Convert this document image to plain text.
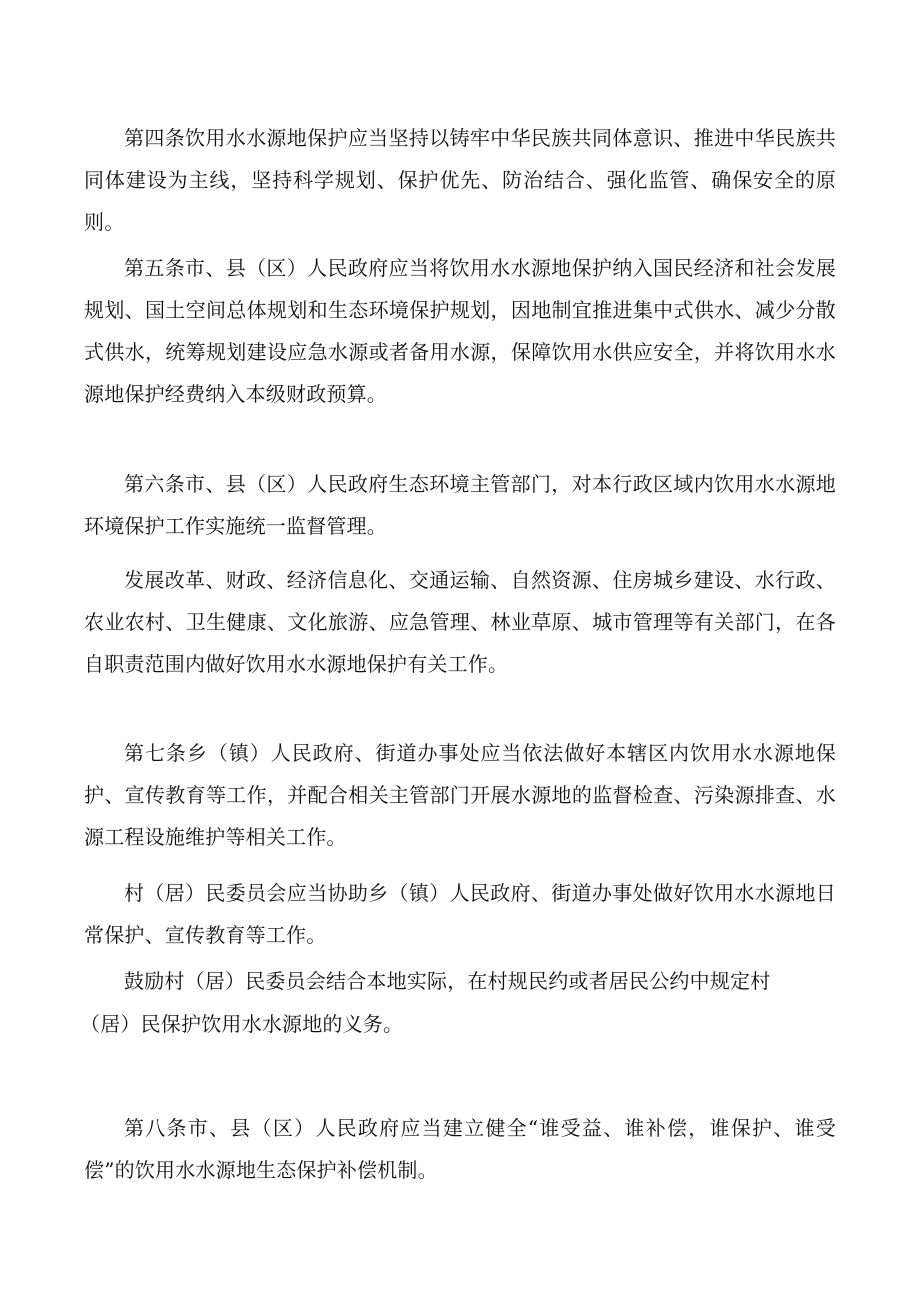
第四条饮用水水源地保护应当坚持以铸牢中华民族共同体意识、推进中华民族共同体建设为主线，坚持科学规划、保护优先、防治结合、强化监管、确保安全的原则。

第五条市、县（区）人民政府应当将饮用水水源地保护纳入国民经济和社会发展规划、国土空间总体规划和生态环境保护规划，因地制宜推进集中式供水、减少分散式供水，统筹规划建设应急水源或者备用水源，保障饮用水供应安全，并将饮用水水源地保护经费纳入本级财政预算。

第六条市、县（区）人民政府生态环境主管部门，对本行政区域内饮用水水源地环境保护工作实施统一监督管理。

发展改革、财政、经济信息化、交通运输、自然资源、住房城乡建设、水行政、农业农村、卫生健康、文化旅游、应急管理、林业草原、城市管理等有关部门，在各自职责范围内做好饮用水水源地保护有关工作。

第七条乡（镇）人民政府、街道办事处应当依法做好本辖区内饮用水水源地保护、宣传教育等工作，并配合相关主管部门开展水源地的监督检查、污染源排查、水源工程设施维护等相关工作。

村（居）民委员会应当协助乡（镇）人民政府、街道办事处做好饮用水水源地日常保护、宣传教育等工作。

鼓励村（居）民委员会结合本地实际，在村规民约或者居民公约中规定村

（居）民保护饮用水水源地的义务。

第八条市、县（区）人民政府应当建立健全“谁受益、谁补偿，谁保护、谁受偿”的饮用水水源地生态保护补偿机制。
